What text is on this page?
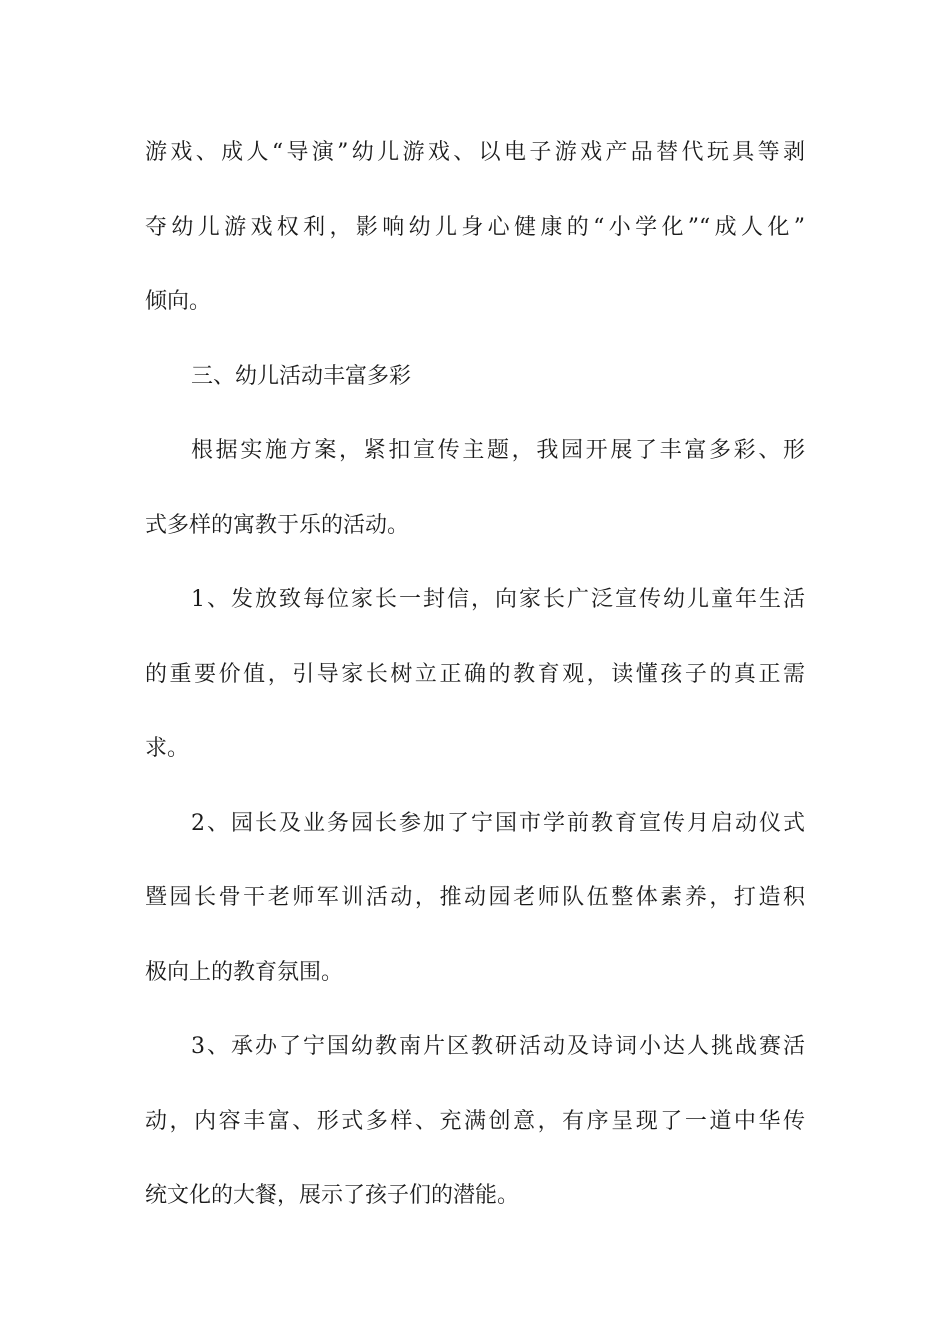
游戏、成人“导演”幼儿游戏、以电子游戏产品替代玩具等剥
夺幼儿游戏权利，影响幼儿身心健康的“小学化”“成人化”
倾向。
三、幼儿活动丰富多彩
根据实施方案，紧扣宣传主题，我园开展了丰富多彩、形
式多样的寓教于乐的活动。
1、发放致每位家长一封信，向家长广泛宣传幼儿童年生活
的重要价值，引导家长树立正确的教育观，读懂孩子的真正需
求。
2、园长及业务园长参加了宁国市学前教育宣传月启动仪式
暨园长骨干老师军训活动，推动园老师队伍整体素养，打造积
极向上的教育氛围。
3、承办了宁国幼教南片区教研活动及诗词小达人挑战赛活
动，内容丰富、形式多样、充满创意，有序呈现了一道中华传
统文化的大餐，展示了孩子们的潜能。
